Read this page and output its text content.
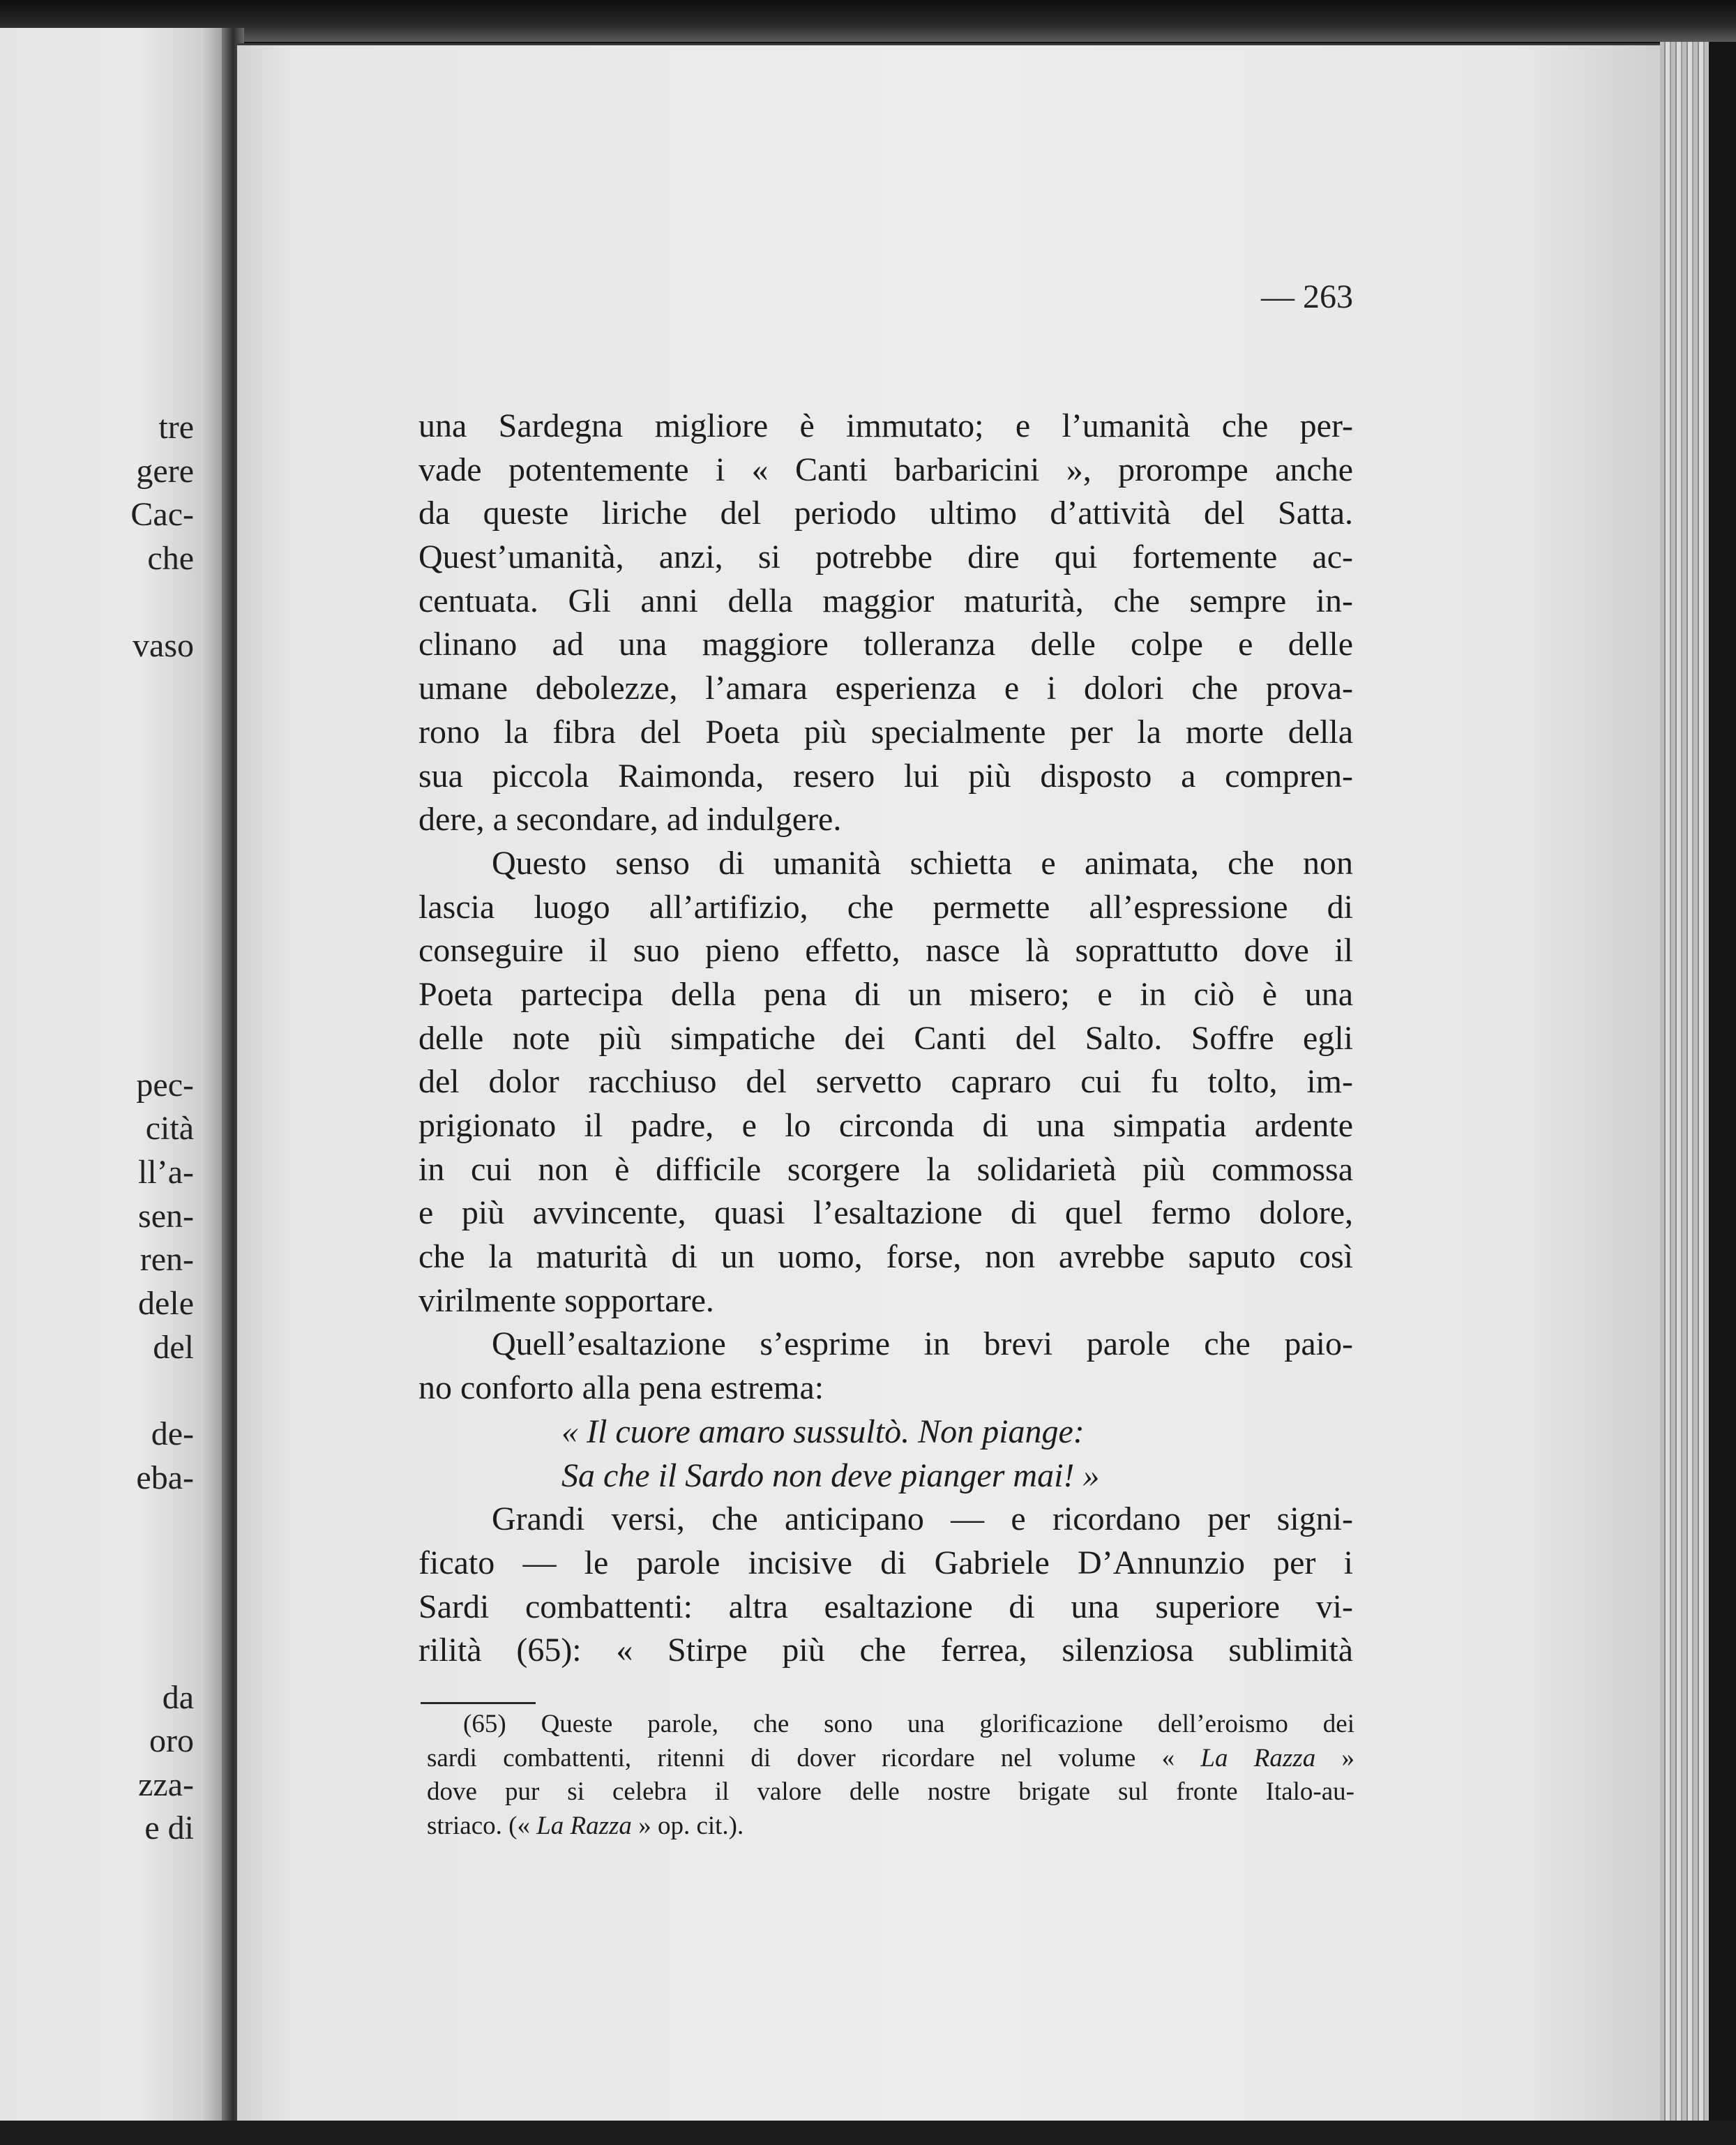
tre
gere
Cac-
che
vaso
pec-
cità
ll’a-
sen-
ren-
dele
del
de-
eba-
da
oro
zza-
e di
— 263
una Sardegna migliore è immutato; e l’umanità che per-
vade potentemente i « Canti barbaricini », prorompe anche
da queste liriche del periodo ultimo d’attività del Satta.
Quest’umanità, anzi, si potrebbe dire qui fortemente ac-
centuata. Gli anni della maggior maturità, che sempre in-
clinano ad una maggiore tolleranza delle colpe e delle
umane debolezze, l’amara esperienza e i dolori che prova-
rono la fibra del Poeta più specialmente per la morte della
sua piccola Raimonda, resero lui più disposto a compren-
dere, a secondare, ad indulgere.
Questo senso di umanità schietta e animata, che non
lascia luogo all’artifizio, che permette all’espressione di
conseguire il suo pieno effetto, nasce là soprattutto dove il
Poeta partecipa della pena di un misero; e in ciò è una
delle note più simpatiche dei Canti del Salto. Soffre egli
del dolor racchiuso del servetto capraro cui fu tolto, im-
prigionato il padre, e lo circonda di una simpatia ardente
in cui non è difficile scorgere la solidarietà più commossa
e più avvincente, quasi l’esaltazione di quel fermo dolore,
che la maturità di un uomo, forse, non avrebbe saputo così
virilmente sopportare.
Quell’esaltazione s’esprime in brevi parole che paio-
no conforto alla pena estrema:
« Il cuore amaro sussultò. Non piange:
Sa che il Sardo non deve pianger mai! »
Grandi versi, che anticipano — e ricordano per signi-
ficato — le parole incisive di Gabriele D’Annunzio per i
Sardi combattenti: altra esaltazione di una superiore vi-
rilità (65): « Stirpe più che ferrea, silenziosa sublimità
(65) Queste parole, che sono una glorificazione dell’eroismo dei
sardi combattenti, ritenni di dover ricordare nel volume « La Razza »
dove pur si celebra il valore delle nostre brigate sul fronte Italo-au-
striaco. (« La Razza » op. cit.).
